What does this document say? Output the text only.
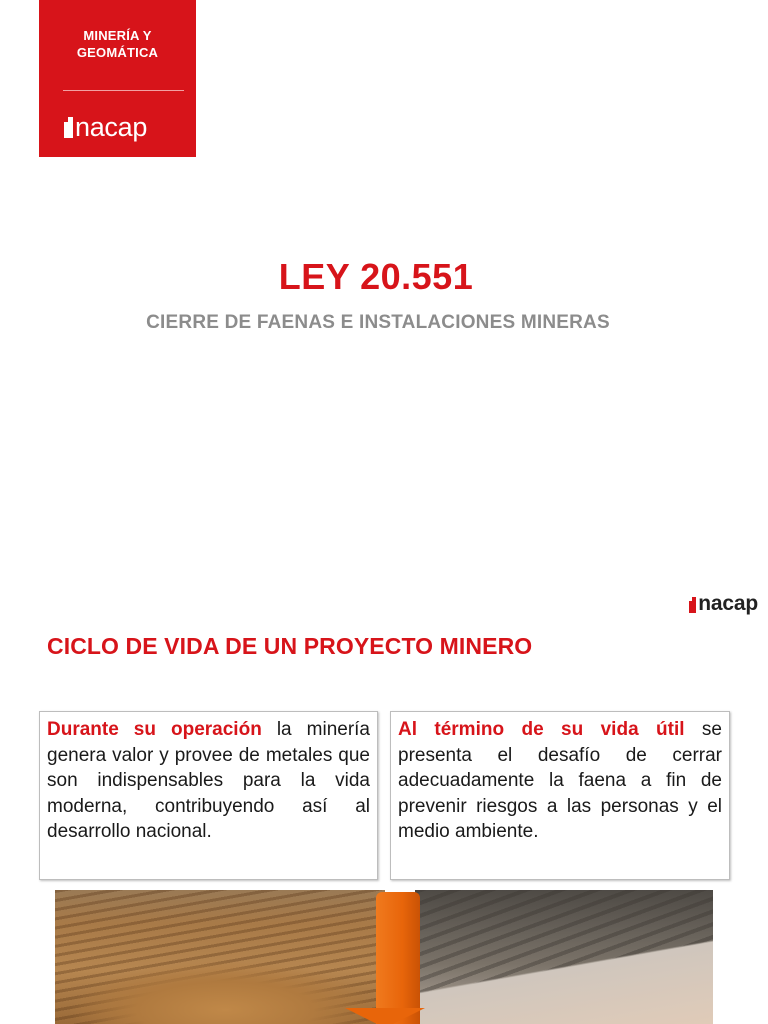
MINERÍA Y
GEOMÁTICA
nacap
LEY 20.551
CIERRE DE FAENAS E INSTALACIONES MINERAS
nacap
CICLO DE VIDA DE UN PROYECTO MINERO
Durante su operación la minería genera valor y provee de metales que son indispensables para la vida moderna, contribuyendo así al desarrollo nacional.
Al término de su vida útil se presenta el desafío de cerrar adecuadamente la faena a fin de prevenir riesgos a las personas y el medio ambiente.
